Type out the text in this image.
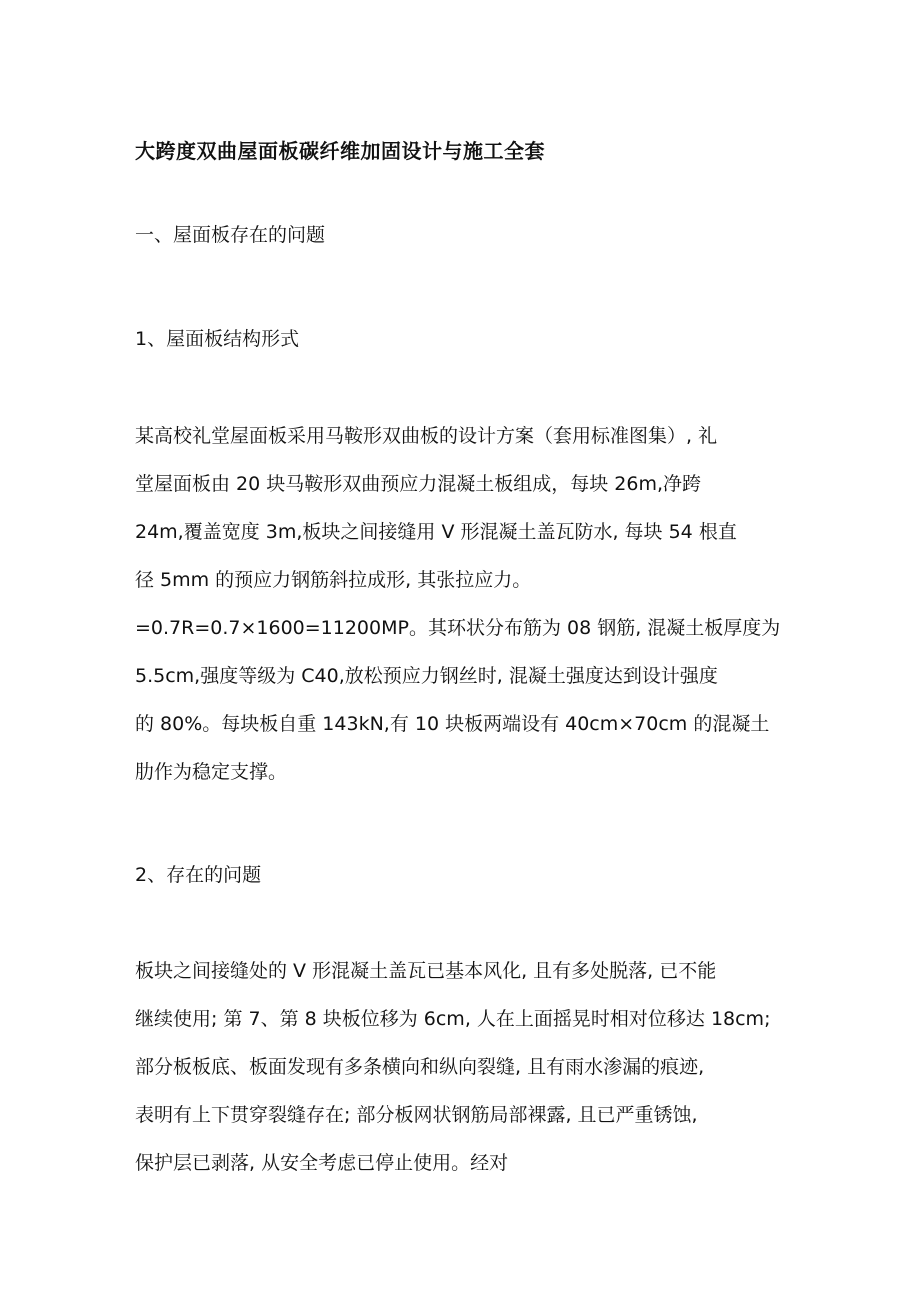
大跨度双曲屋面板碳纤维加固设计与施工全套
一、屋面板存在的问题
1、屋面板结构形式
某高校礼堂屋面板采用马鞍形双曲板的设计方案（套用标准图集）, 礼
堂屋面板由 20 块马鞍形双曲预应力混凝土板组成，每块 26m,净跨
24m,覆盖宽度 3m,板块之间接缝用 V 形混凝土盖瓦防水, 每块 54 根直
径 5mm 的预应力钢筋斜拉成形, 其张拉应力。
=0.7R=0.7×1600=11200MP。其环状分布筋为 08 钢筋, 混凝土板厚度为
5.5cm,强度等级为 C40,放松预应力钢丝时, 混凝土强度达到设计强度
的 80%。每块板自重 143kN,有 10 块板两端设有 40cm×70cm 的混凝土
肋作为稳定支撑。
2、存在的问题
板块之间接缝处的 V 形混凝土盖瓦已基本风化, 且有多处脱落, 已不能
继续使用; 第 7、第 8 块板位移为 6cm, 人在上面摇晃时相对位移达 18cm;
部分板板底、板面发现有多条横向和纵向裂缝, 且有雨水渗漏的痕迹,
表明有上下贯穿裂缝存在; 部分板网状钢筋局部裸露, 且已严重锈蚀,
保护层已剥落, 从安全考虑已停止使用。经对
